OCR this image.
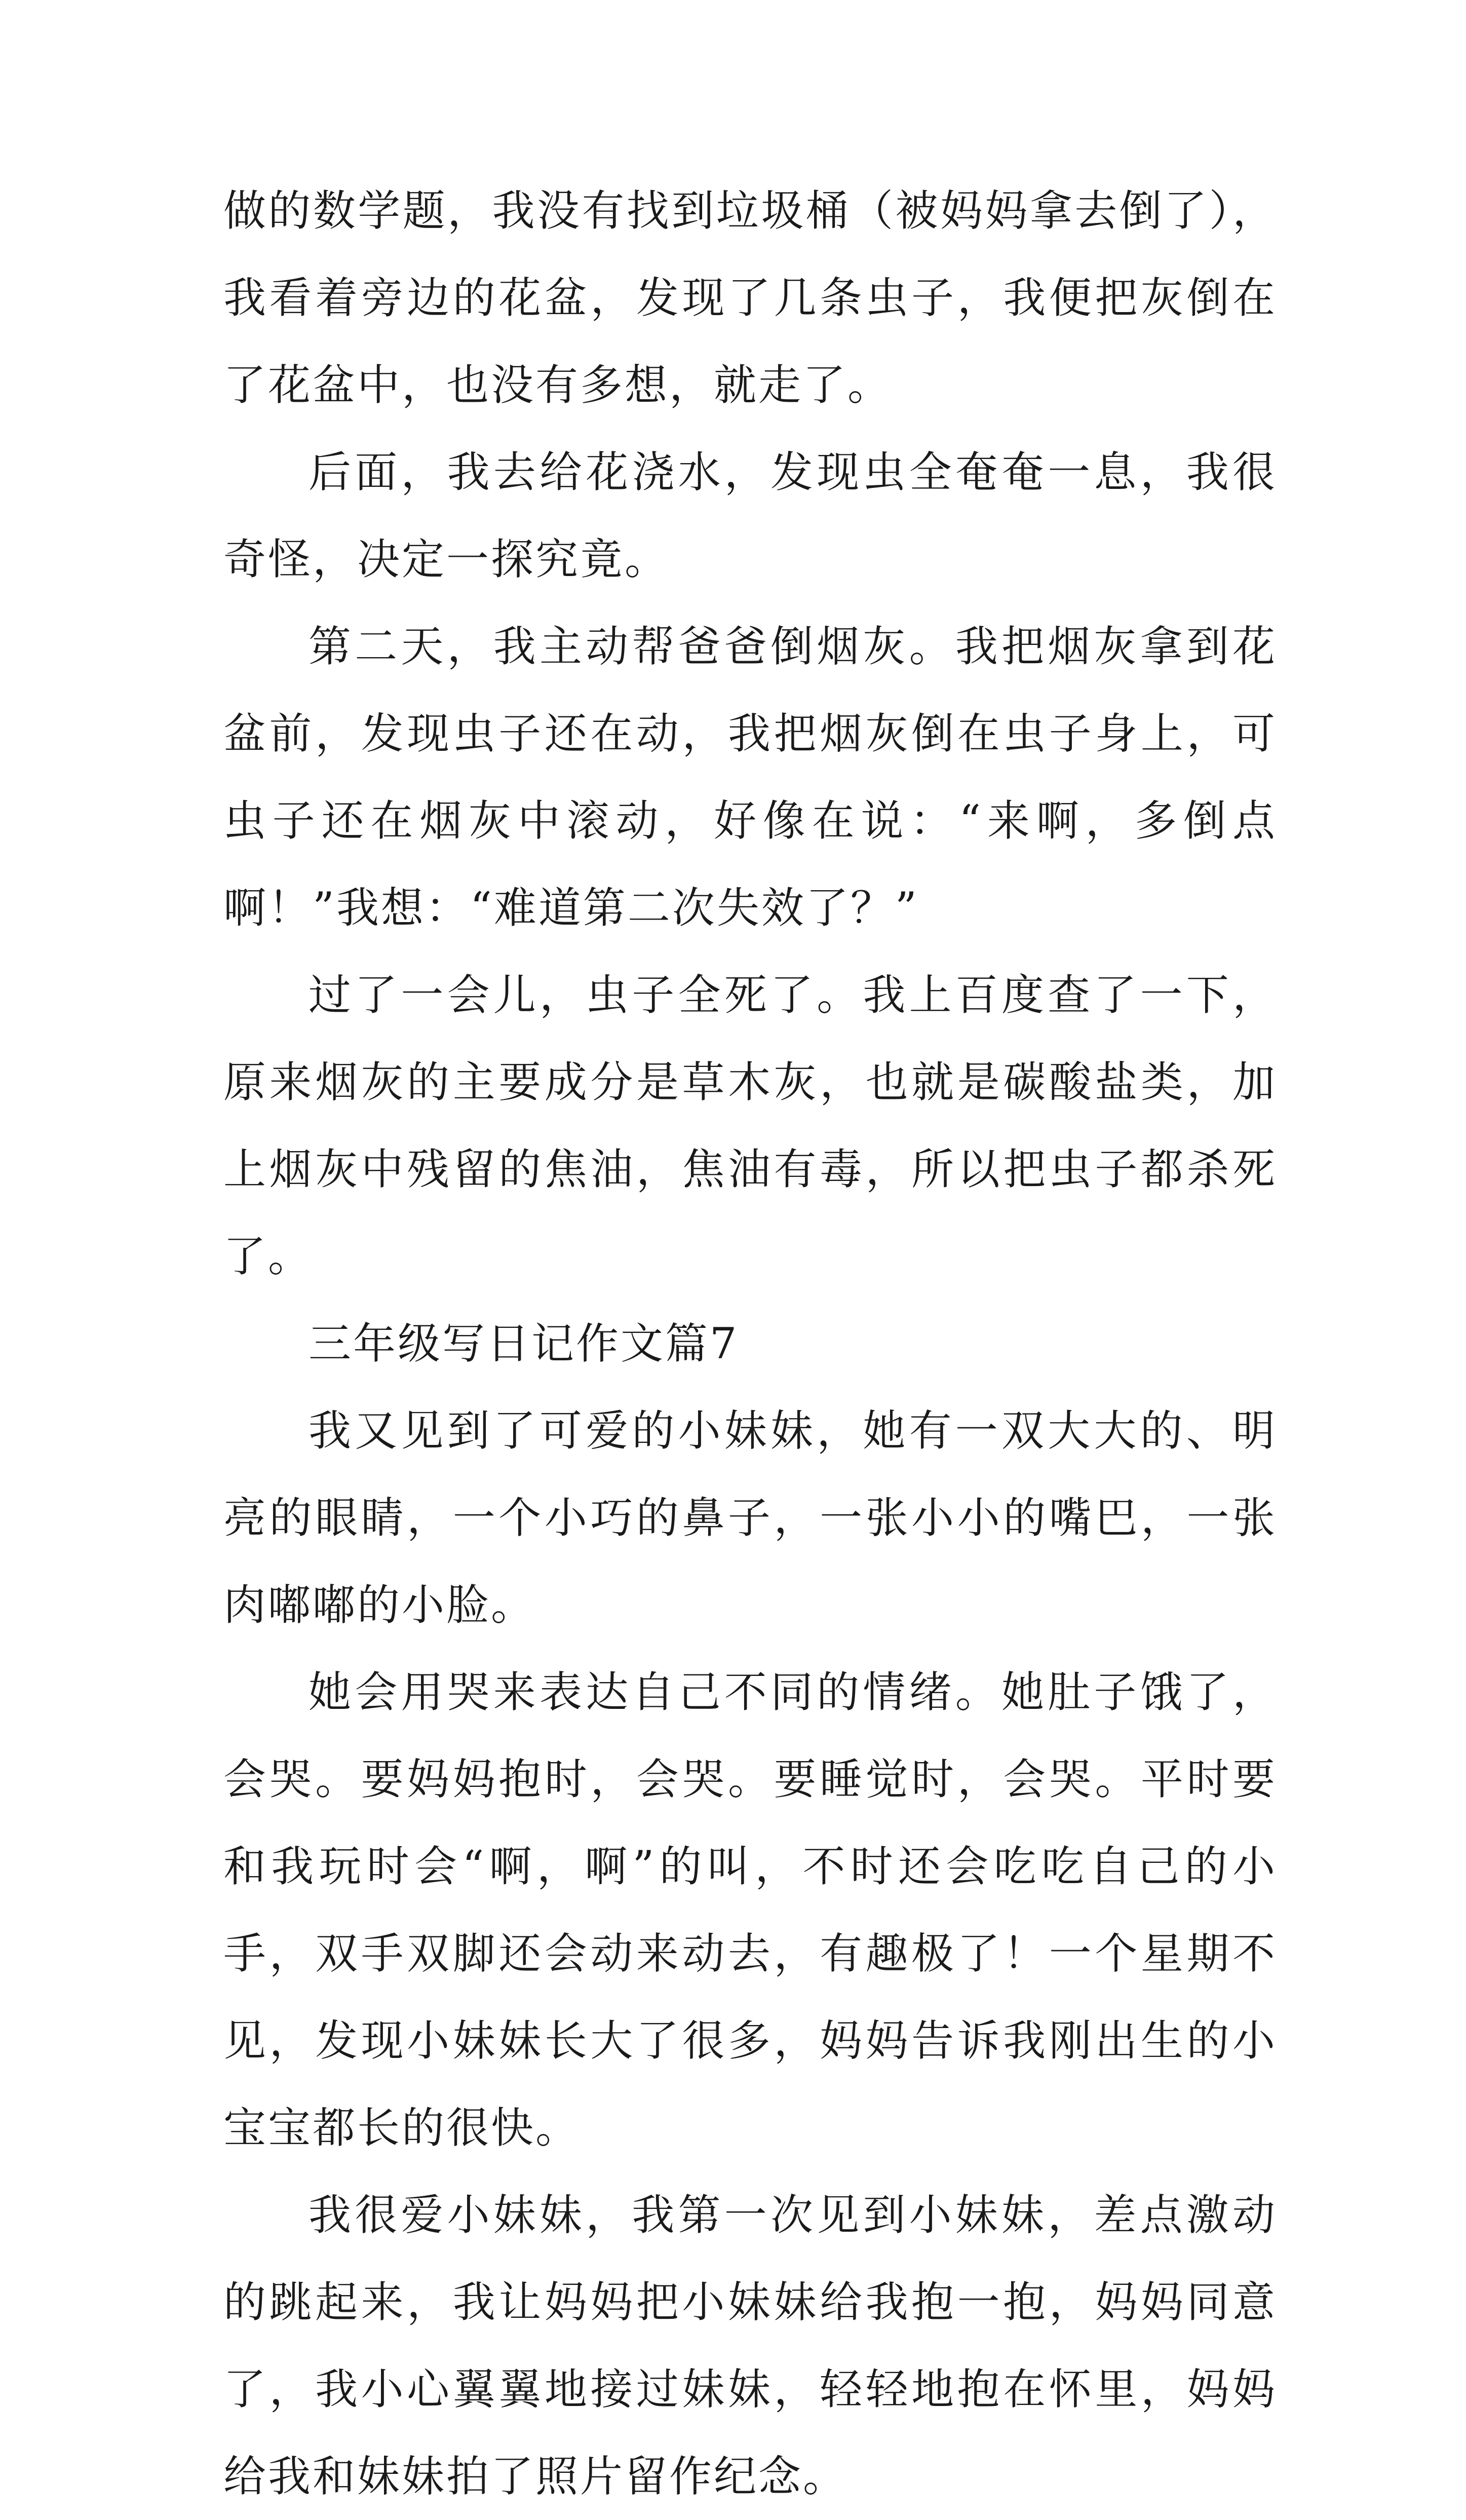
做的数学题，我没有找到垃圾桶（被妈妈拿去倒了），我看着旁边的花盆，发现了几条虫子，我便把灰倒在了花盆中，也没有多想，就走了。

后面，我去给花浇水，发现虫全奄奄一息，我很奇怪，决定一探究竟。

第二天，我主动帮爸爸倒烟灰。我把烟灰拿到花盆前，发现虫子还在动，我把烟灰倒在虫子身上，可虫子还在烟灰中滚动，好像在说：“来啊，多倒点啊！”我想：“难道第二次失效了？”

过了一会儿，虫子全死了。我上百度查了一下，原来烟灰的主要成分是草木灰，也就是碳酸盐类，加上烟灰中残留的焦油，焦油有毒，所以把虫子都杀死了。

三年级写日记作文篇7

我又见到了可爱的小妹妹，她有一双大大的、明亮的眼睛，一个小巧的鼻子，一张小小的嘴巴，一张肉嘟嘟的小脸。

她会用哭来表达自己不同的情绪。她肚子饿了，会哭。要妈妈抱时，会哭。要睡觉时，会哭。平时要和我玩时会“啊，啊”的叫，不时还会吃吃自己的小手，双手双脚还会动来动去，有趣极了！一个星期不见，发现小妹妹长大了很多，妈妈告诉我刚出生的小宝宝都长的很快。

我很爱小妹妹，我第一次见到小妹妹，差点激动的跳起来，我让妈妈把小妹妹给我抱一抱，妈妈同意了，我小心翼翼地接过妹妹，轻轻地抱在怀里，妈妈给我和妹妹拍了照片留作纪念。
